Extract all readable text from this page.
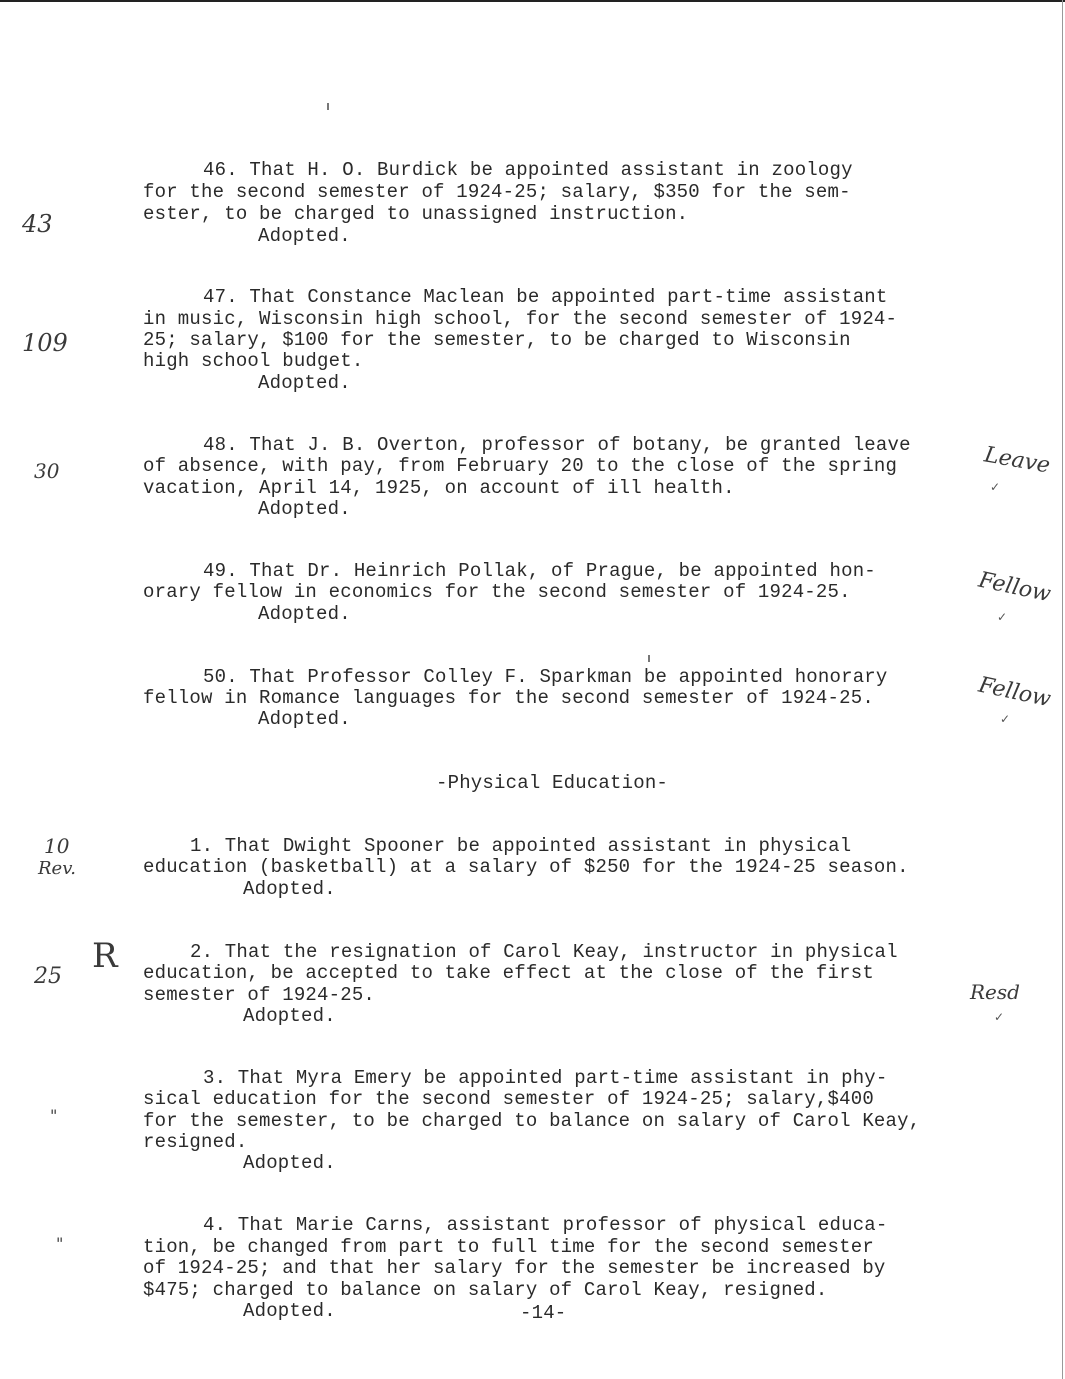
46. That H. O. Burdick be appointed assistant in zoology
for the second semester of 1924-25; salary, $350 for the sem-
ester, to be charged to unassigned instruction.
Adopted.
47. That Constance Maclean be appointed part-time assistant
in music, Wisconsin high school, for the second semester of 1924-
25; salary, $100 for the semester, to be charged to Wisconsin
high school budget.
Adopted.
48. That J. B. Overton, professor of botany, be granted leave
of absence, with pay, from February 20 to the close of the spring
vacation, April 14, 1925, on account of ill health.
Adopted.
49. That Dr. Heinrich Pollak, of Prague, be appointed hon-
orary fellow in economics for the second semester of 1924-25.
Adopted.
50. That Professor Colley F. Sparkman be appointed honorary
fellow in Romance languages for the second semester of 1924-25.
Adopted.
-Physical Education-
1. That Dwight Spooner be appointed assistant in physical
education (basketball) at a salary of $250 for the 1924-25 season.
Adopted.
2. That the resignation of Carol Keay, instructor in physical
education, be accepted to take effect at the close of the first
semester of 1924-25.
Adopted.
3. That Myra Emery be appointed part-time assistant in phy-
sical education for the second semester of 1924-25; salary,$400
for the semester, to be charged to balance on salary of Carol Keay,
resigned.
Adopted.
4. That Marie Carns, assistant professor of physical educa-
tion, be changed from part to full time for the second semester
of 1924-25; and that her salary for the semester be increased by
$475; charged to balance on salary of Carol Keay, resigned.
Adopted.	-14-
43
109
30
10
Rev.
R
25
"
"
Leave
✓
Fellow
✓
Fellow
✓
Resd
✓
